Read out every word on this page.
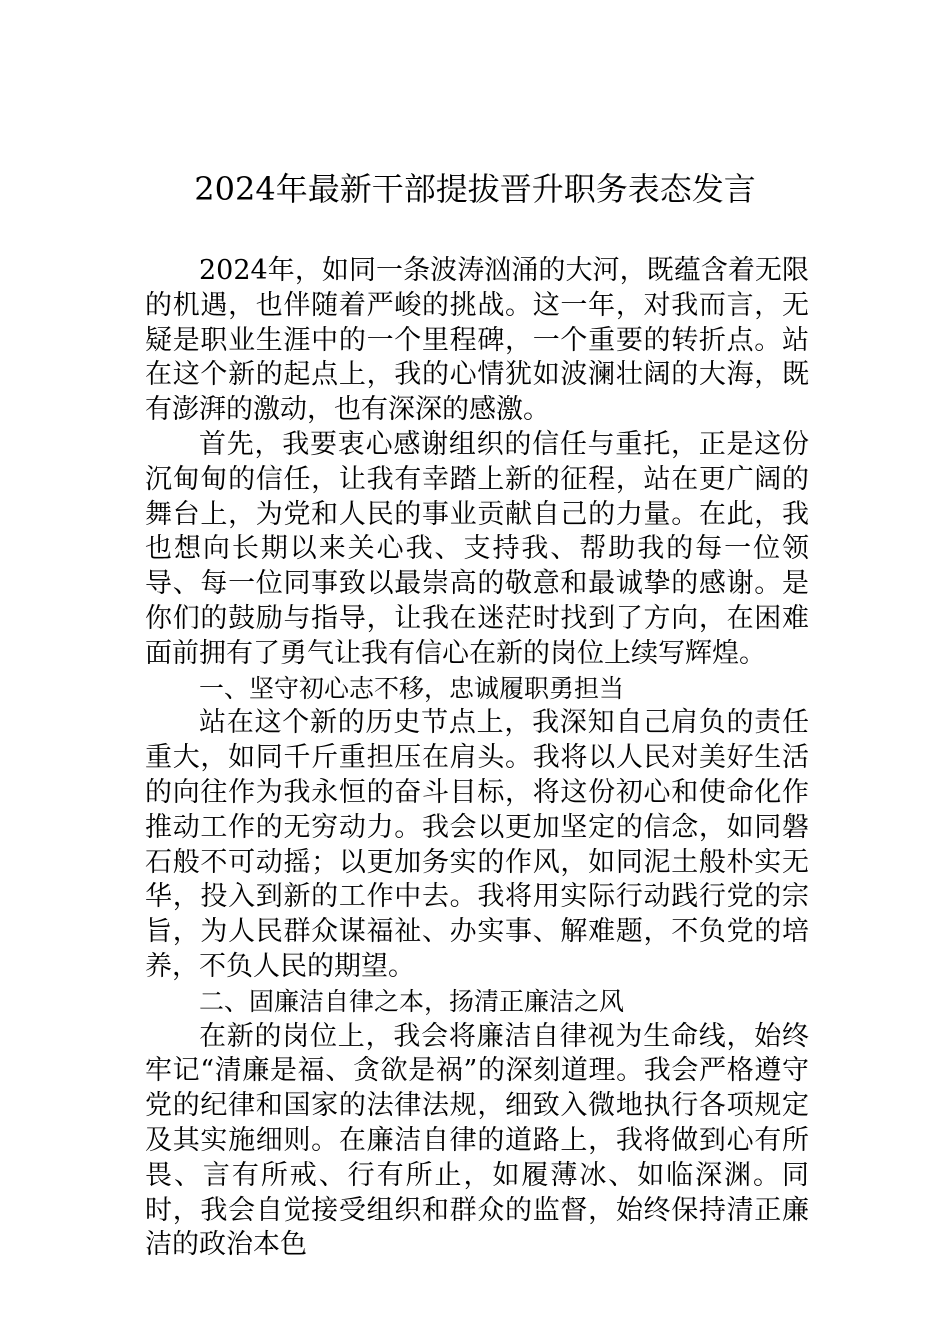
2024年最新干部提拔晋升职务表态发言

2024年，如同一条波涛汹涌的大河，既蕴含着无限的机遇，也伴随着严峻的挑战。这一年，对我而言，无疑是职业生涯中的一个里程碑，一个重要的转折点。站在这个新的起点上，我的心情犹如波澜壮阔的大海，既有澎湃的激动，也有深深的感激。

首先，我要衷心感谢组织的信任与重托，正是这份沉甸甸的信任，让我有幸踏上新的征程，站在更广阔的舞台上，为党和人民的事业贡献自己的力量。在此，我也想向长期以来关心我、支持我、帮助我的每一位领导、每一位同事致以最崇高的敬意和最诚挚的感谢。是你们的鼓励与指导，让我在迷茫时找到了方向，在困难面前拥有了勇气让我有信心在新的岗位上续写辉煌。

一、坚守初心志不移，忠诚履职勇担当

站在这个新的历史节点上，我深知自己肩负的责任重大，如同千斤重担压在肩头。我将以人民对美好生活的向往作为我永恒的奋斗目标，将这份初心和使命化作推动工作的无穷动力。我会以更加坚定的信念，如同磐石般不可动摇；以更加务实的作风，如同泥土般朴实无华，投入到新的工作中去。我将用实际行动践行党的宗旨，为人民群众谋福祉、办实事、解难题，不负党的培养，不负人民的期望。

二、固廉洁自律之本，扬清正廉洁之风

在新的岗位上，我会将廉洁自律视为生命线，始终牢记“清廉是福、贪欲是祸”的深刻道理。我会严格遵守党的纪律和国家的法律法规，细致入微地执行各项规定及其实施细则。在廉洁自律的道路上，我将做到心有所畏、言有所戒、行有所止，如履薄冰、如临深渊。同时，我会自觉接受组织和群众的监督，始终保持清正廉洁的政治本色
